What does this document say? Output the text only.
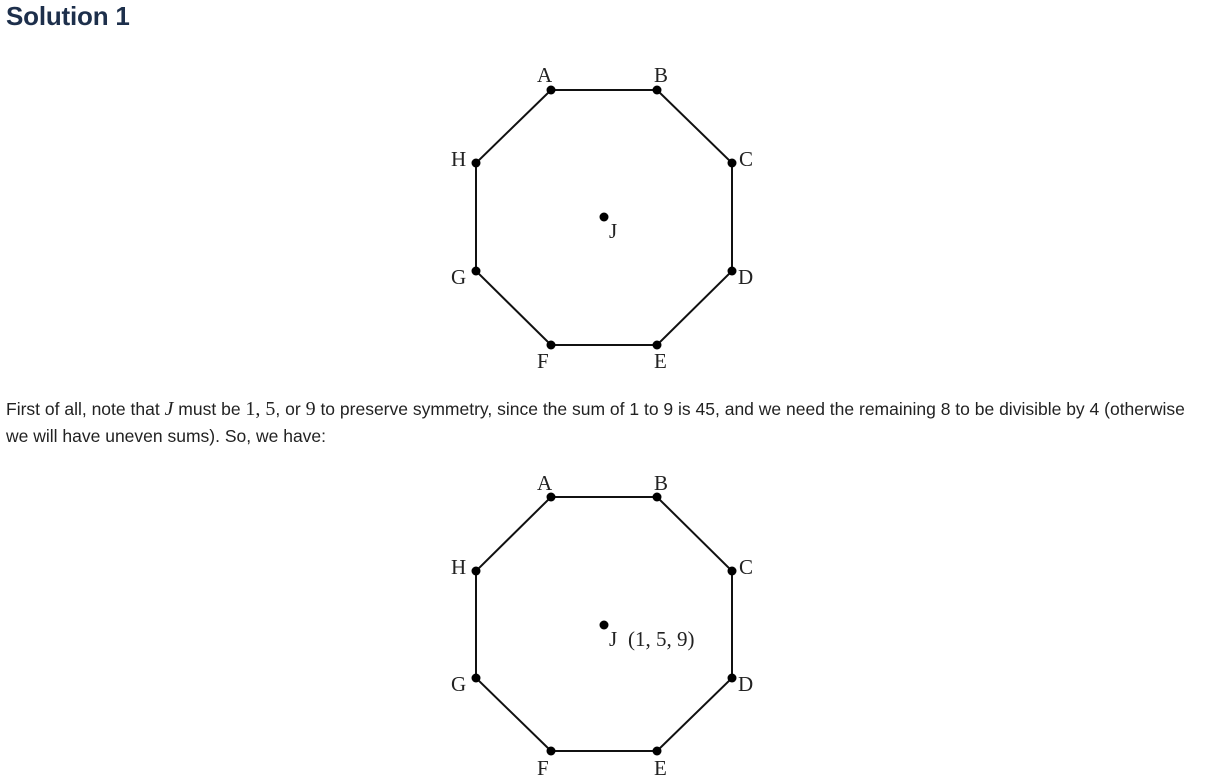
Solution 1
A	B
C
D
E
F
G
H
J

First of all, note that J must be 1, 5, or 9 to preserve symmetry, since the sum of 1 to 9 is 45, and we need the remaining 8 to be divisible by 4 (otherwise we will have uneven sums). So, we have:

A	B
C
D
E
F
G
H
J (1, 5, 9)
